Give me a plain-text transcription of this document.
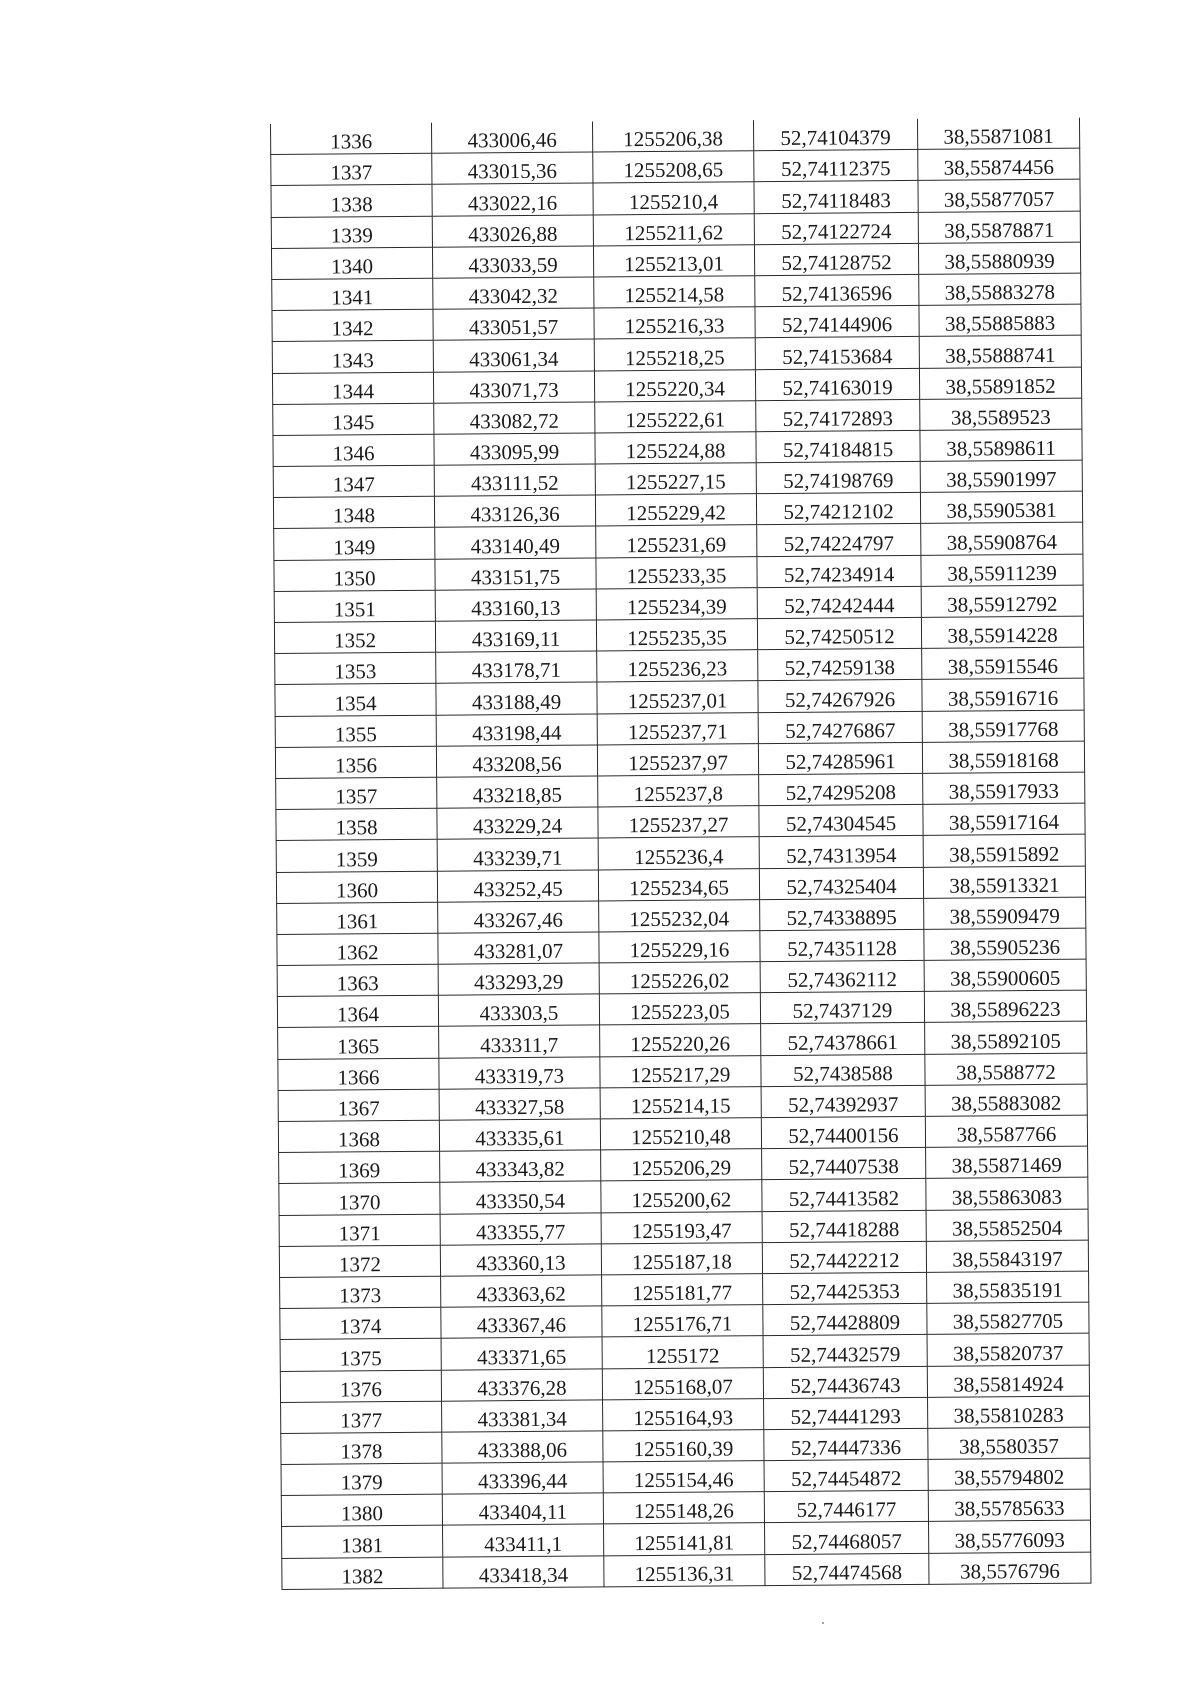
1336	433006,46	1255206,38	52,74104379	38,55871081
1337	433015,36	1255208,65	52,74112375	38,55874456
1338	433022,16	1255210,4	52,74118483	38,55877057
1339	433026,88	1255211,62	52,74122724	38,55878871
1340	433033,59	1255213,01	52,74128752	38,55880939
1341	433042,32	1255214,58	52,74136596	38,55883278
1342	433051,57	1255216,33	52,74144906	38,55885883
1343	433061,34	1255218,25	52,74153684	38,55888741
1344	433071,73	1255220,34	52,74163019	38,55891852
1345	433082,72	1255222,61	52,74172893	38,5589523
1346	433095,99	1255224,88	52,74184815	38,55898611
1347	433111,52	1255227,15	52,74198769	38,55901997
1348	433126,36	1255229,42	52,74212102	38,55905381
1349	433140,49	1255231,69	52,74224797	38,55908764
1350	433151,75	1255233,35	52,74234914	38,55911239
1351	433160,13	1255234,39	52,74242444	38,55912792
1352	433169,11	1255235,35	52,74250512	38,55914228
1353	433178,71	1255236,23	52,74259138	38,55915546
1354	433188,49	1255237,01	52,74267926	38,55916716
1355	433198,44	1255237,71	52,74276867	38,55917768
1356	433208,56	1255237,97	52,74285961	38,55918168
1357	433218,85	1255237,8	52,74295208	38,55917933
1358	433229,24	1255237,27	52,74304545	38,55917164
1359	433239,71	1255236,4	52,74313954	38,55915892
1360	433252,45	1255234,65	52,74325404	38,55913321
1361	433267,46	1255232,04	52,74338895	38,55909479
1362	433281,07	1255229,16	52,74351128	38,55905236
1363	433293,29	1255226,02	52,74362112	38,55900605
1364	433303,5	1255223,05	52,7437129	38,55896223
1365	433311,7	1255220,26	52,74378661	38,55892105
1366	433319,73	1255217,29	52,7438588	38,5588772
1367	433327,58	1255214,15	52,74392937	38,55883082
1368	433335,61	1255210,48	52,74400156	38,5587766
1369	433343,82	1255206,29	52,74407538	38,55871469
1370	433350,54	1255200,62	52,74413582	38,55863083
1371	433355,77	1255193,47	52,74418288	38,55852504
1372	433360,13	1255187,18	52,74422212	38,55843197
1373	433363,62	1255181,77	52,74425353	38,55835191
1374	433367,46	1255176,71	52,74428809	38,55827705
1375	433371,65	1255172	52,74432579	38,55820737
1376	433376,28	1255168,07	52,74436743	38,55814924
1377	433381,34	1255164,93	52,74441293	38,55810283
1378	433388,06	1255160,39	52,74447336	38,5580357
1379	433396,44	1255154,46	52,74454872	38,55794802
1380	433404,11	1255148,26	52,7446177	38,55785633
1381	433411,1	1255141,81	52,74468057	38,55776093
1382	433418,34	1255136,31	52,74474568	38,5576796
